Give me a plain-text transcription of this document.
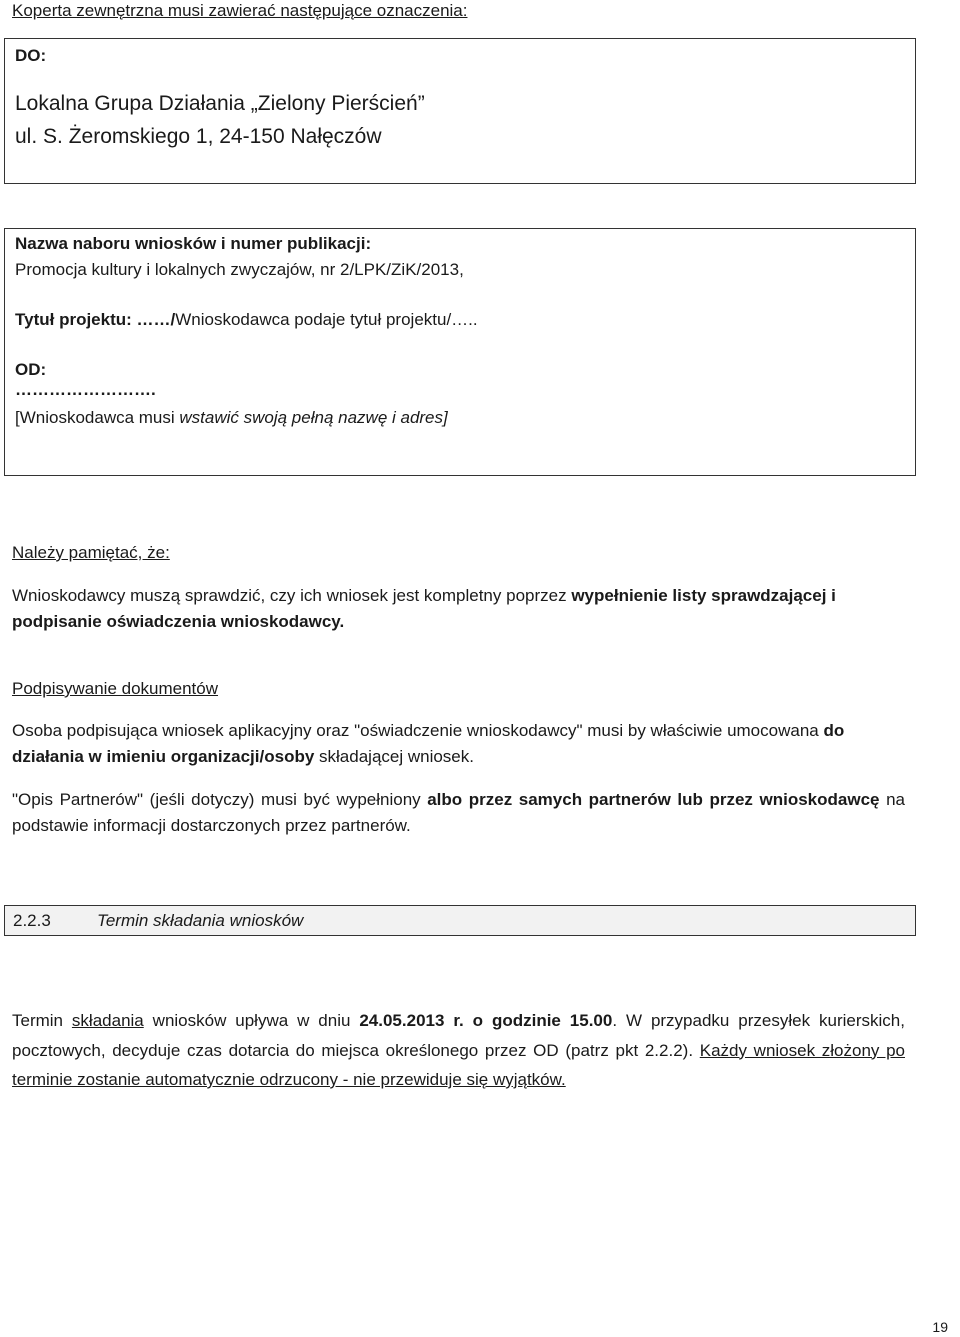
Koperta zewnętrzna musi zawierać następujące oznaczenia:
DO:
Lokalna Grupa Działania „Zielony Pierścień”
ul. S. Żeromskiego 1, 24-150 Nałęczów
Nazwa naboru wniosków i numer publikacji:
Promocja kultury i lokalnych zwyczajów, nr 2/LPK/ZiK/2013,
Tytuł projektu: ……/Wnioskodawca podaje tytuł projektu/…..
OD:
…………………….
[Wnioskodawca musi wstawić swoją pełną nazwę i adres]
Należy pamiętać, że:
Wnioskodawcy muszą sprawdzić, czy ich wniosek jest kompletny poprzez wypełnienie listy sprawdzającej i podpisanie oświadczenia wnioskodawcy.
Podpisywanie dokumentów
Osoba podpisująca wniosek aplikacyjny oraz "oświadczenie wnioskodawcy" musi by właściwie umocowana do działania w imieniu organizacji/osoby składającej wniosek.
"Opis Partnerów" (jeśli dotyczy) musi być wypełniony albo przez samych partnerów lub przez wnioskodawcę na podstawie informacji dostarczonych przez partnerów.
2.2.3	Termin składania wniosków
Termin składania wniosków upływa w dniu 24.05.2013 r. o godzinie 15.00. W przypadku przesyłek kurierskich, pocztowych, decyduje czas dotarcia do miejsca określonego przez OD (patrz pkt 2.2.2). Każdy wniosek złożony po terminie zostanie automatycznie odrzucony - nie przewiduje się wyjątków.
19
